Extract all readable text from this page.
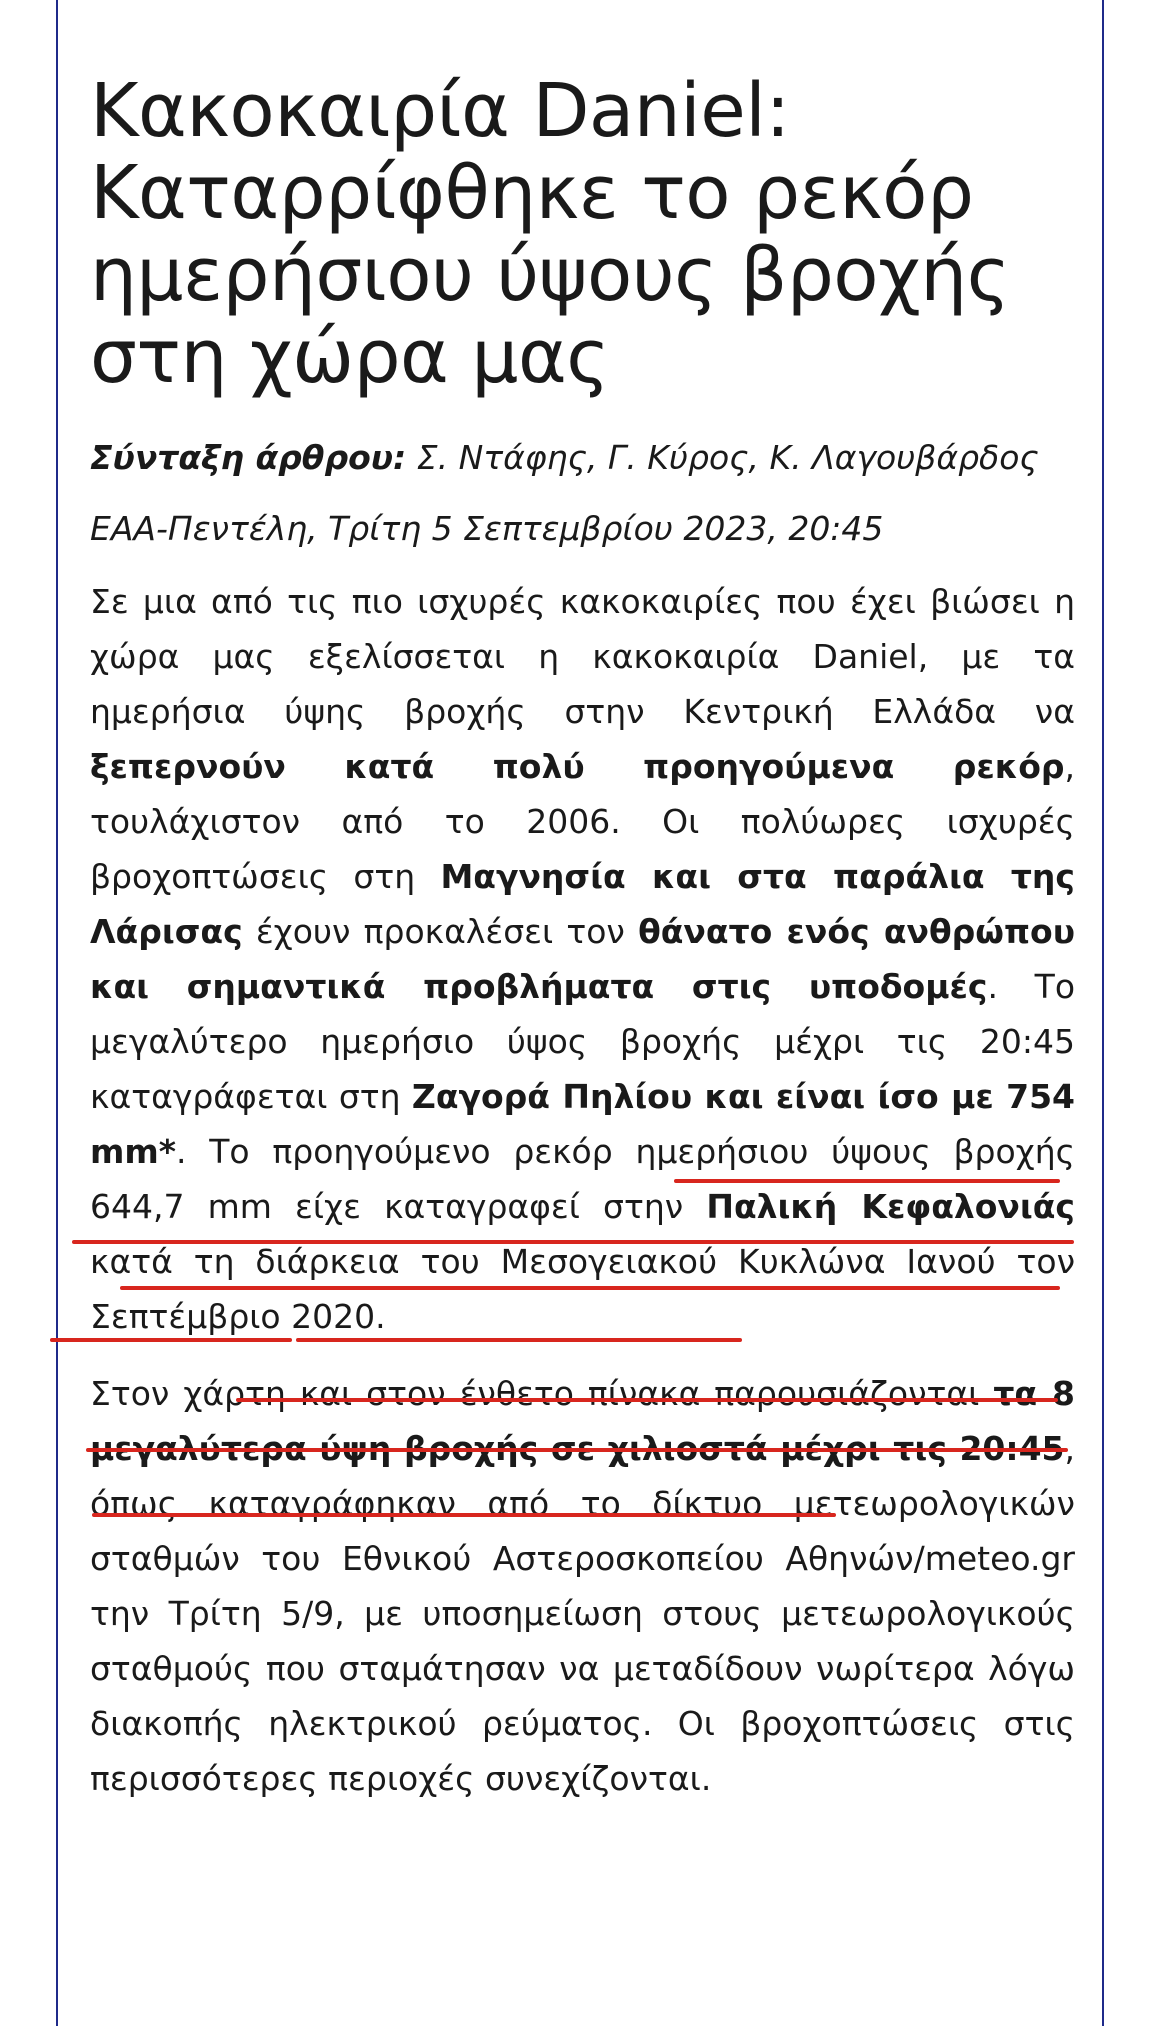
Κακοκαιρία Daniel: Καταρρίφθηκε το ρεκόρ ημερήσιου ύψους βροχής στη χώρα μας
Σύνταξη άρθρου: Σ. Ντάφης, Γ. Κύρος, Κ. Λαγουβάρδος
ΕΑΑ-Πεντέλη, Τρίτη 5 Σεπτεμβρίου 2023, 20:45

Σε μια από τις πιο ισχυρές κακοκαιρίες που έχει βιώσει η χώρα μας εξελίσσεται η κακοκαιρία Daniel, με τα ημερήσια ύψης βροχής στην Κεντρική Ελλάδα να ξεπερνούν κατά πολύ προηγούμενα ρεκόρ, τουλάχιστον από το 2006. Οι πολύωρες ισχυρές βροχοπτώσεις στη Μαγνησία και στα παράλια της Λάρισας έχουν προκαλέσει τον θάνατο ενός ανθρώπου και σημαντικά προβλήματα στις υποδομές. Το μεγαλύτερο ημερήσιο ύψος βροχής μέχρι τις 20:45 καταγράφεται στη Ζαγορά Πηλίου και είναι ίσο με 754 mm*. Το προηγούμενο ρεκόρ ημερήσιου ύψους βροχής 644,7 mm είχε καταγραφεί στην Παλική Κεφαλονιάς κατά τη διάρκεια του Μεσογειακού Κυκλώνα Ιανού τον Σεπτέμβριο 2020.

Στον χάρτη και στον ένθετο πίνακα παρουσιάζονται τα 8 μεγαλύτερα ύψη βροχής σε χιλιοστά μέχρι τις 20:45, όπως καταγράφηκαν από το δίκτυο μετεωρολογικών σταθμών του Εθνικού Αστεροσκοπείου Αθηνών/meteo.gr την Τρίτη 5/9, με υποσημείωση στους μετεωρολογικούς σταθμούς που σταμάτησαν να μεταδίδουν νωρίτερα λόγω διακοπής ηλεκτρικού ρεύματος. Οι βροχοπτώσεις στις περισσότερες περιοχές συνεχίζονται.
